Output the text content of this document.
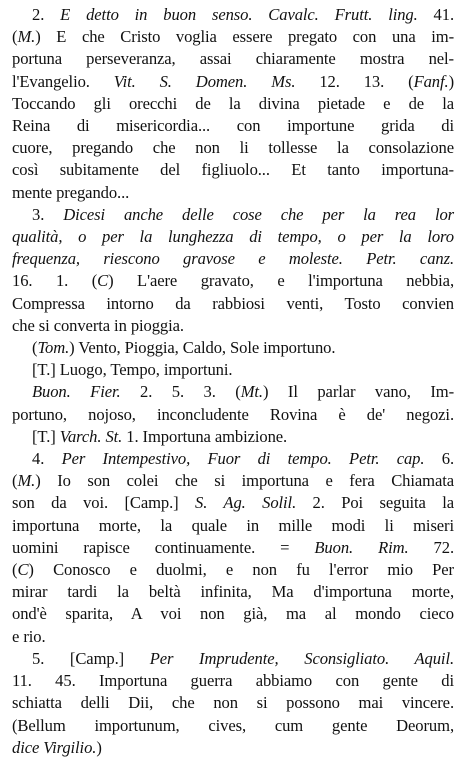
2. E detto in buon senso. Cavalc. Frutt. ling. 41.
(M.) E che Cristo voglia essere pregato con una im-
portuna perseveranza, assai chiaramente mostra nel-
l'Evangelio. Vit. S. Domen. Ms. 12. 13. (Fanf.)
Toccando gli orecchi de la divina pietade e de la
Reina di misericordia... con importune grida di
cuore, pregando che non li tollesse la consolazione
così subitamente del figliuolo... Et tanto importuna-
mente pregando...
3. Dicesi anche delle cose che per la rea lor
qualità, o per la lunghezza di tempo, o per la loro
frequenza, riescono gravose e moleste. Petr. canz.
16. 1. (C) L'aere gravato, e l'importuna nebbia,
Compressa intorno da rabbiosi venti, Tosto convien
che si converta in pioggia.
(Tom.) Vento, Pioggia, Caldo, Sole importuno.
[T.] Luogo, Tempo, importuni.
Buon. Fier. 2. 5. 3. (Mt.) Il parlar vano, Im-
portuno, nojoso, inconcludente Rovina è de' negozi.
[T.] Varch. St. 1. Importuna ambizione.
4. Per Intempestivo, Fuor di tempo. Petr. cap. 6.
(M.) Io son colei che si importuna e fera Chiamata
son da voi. [Camp.] S. Ag. Solil. 2. Poi seguita la
importuna morte, la quale in mille modi li miseri
uomini rapisce continuamente. = Buon. Rim. 72.
(C) Conosco e duolmi, e non fu l'error mio Per
mirar tardi la beltà infinita, Ma d'importuna morte,
ond'è sparita, A voi non già, ma al mondo cieco
e rio.
5. [Camp.] Per Imprudente, Sconsigliato. Aquil.
11. 45. Importuna guerra abbiamo con gente di
schiatta delli Dii, che non si possono mai vincere.
(Bellum importunum, cives, cum gente Deorum,
dice Virgilio.)
